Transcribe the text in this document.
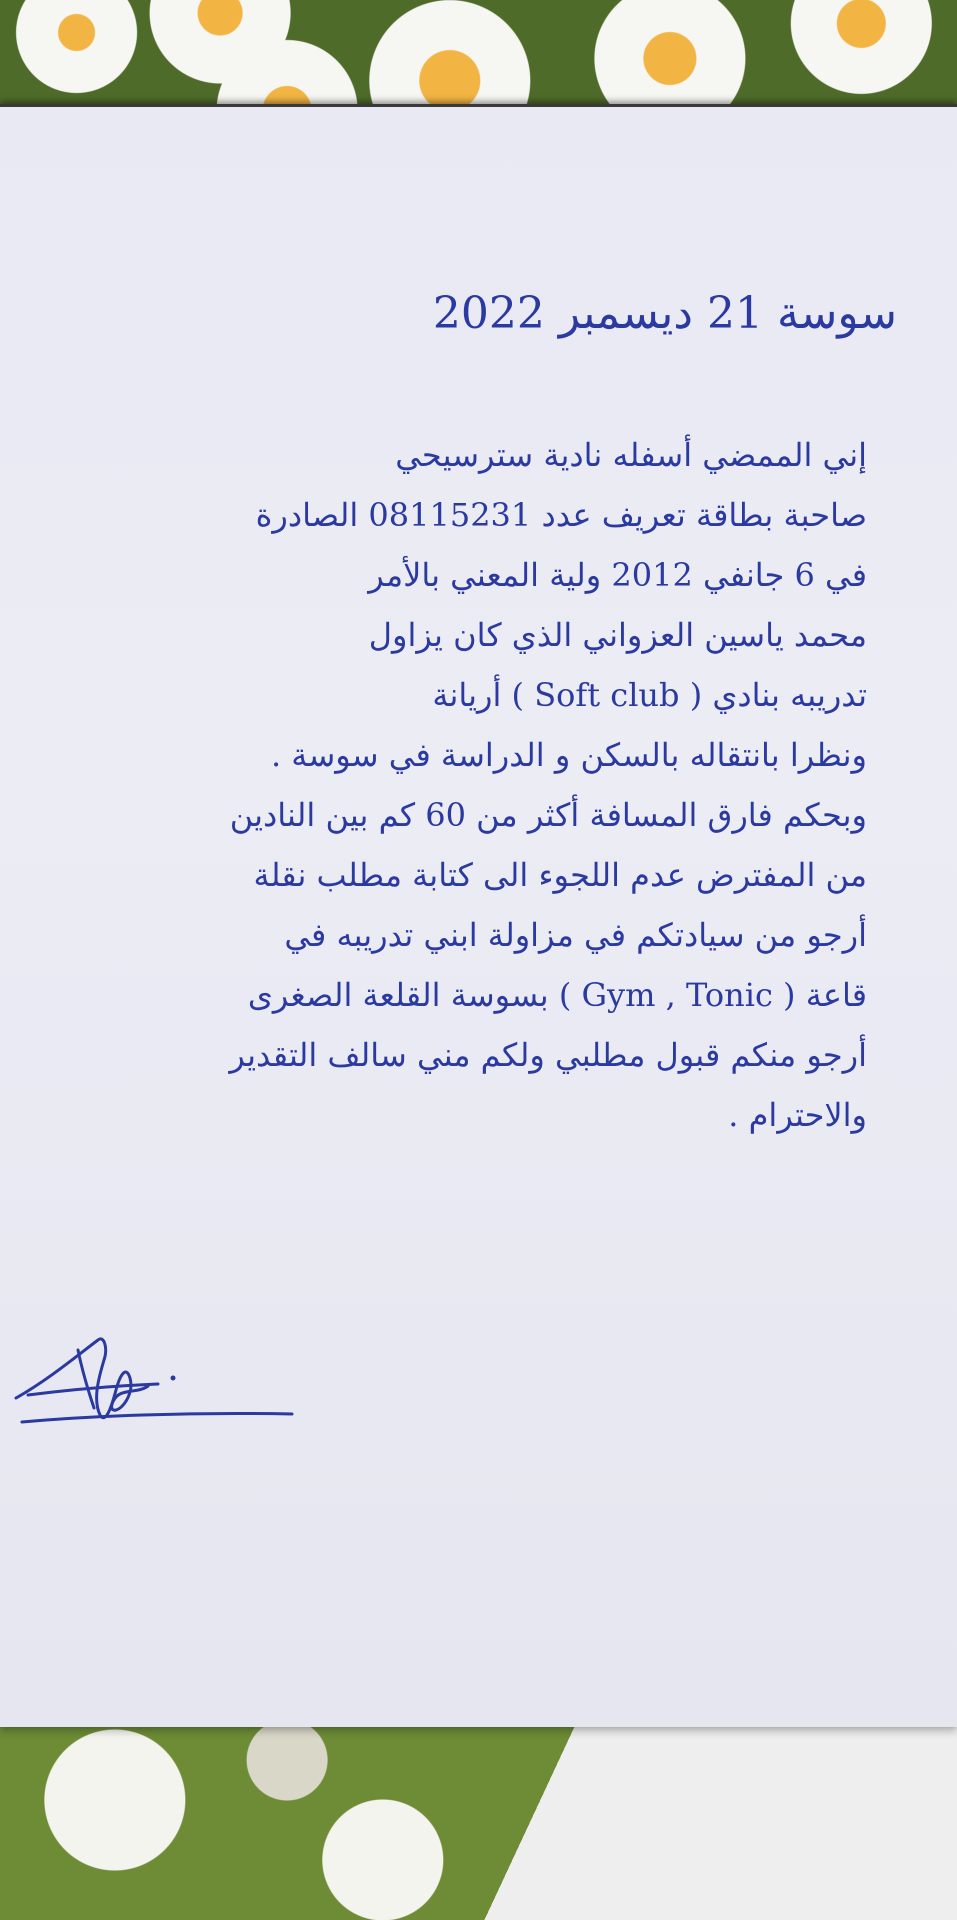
سوسة 21 ديسمبر 2022
إني الممضي أسفله نادية سترسيحي
صاحبة بطاقة تعريف عدد 08115231 الصادرة
في 6 جانفي 2012 ولية المعني بالأمر
محمد ياسين العزواني الذي كان يزاول
تدريبه بنادي ( Soft club ) أريانة
ونظرا بانتقاله بالسكن و الدراسة في سوسة .
وبحكم فارق المسافة أكثر من 60 كم بين النادين
من المفترض عدم اللجوء الى كتابة مطلب نقلة
أرجو من سيادتكم في مزاولة ابني تدريبه في
قاعة ( Gym , Tonic ) بسوسة القلعة الصغرى
أرجو منكم قبول مطلبي ولكم مني سالف التقدير
والاحترام .
